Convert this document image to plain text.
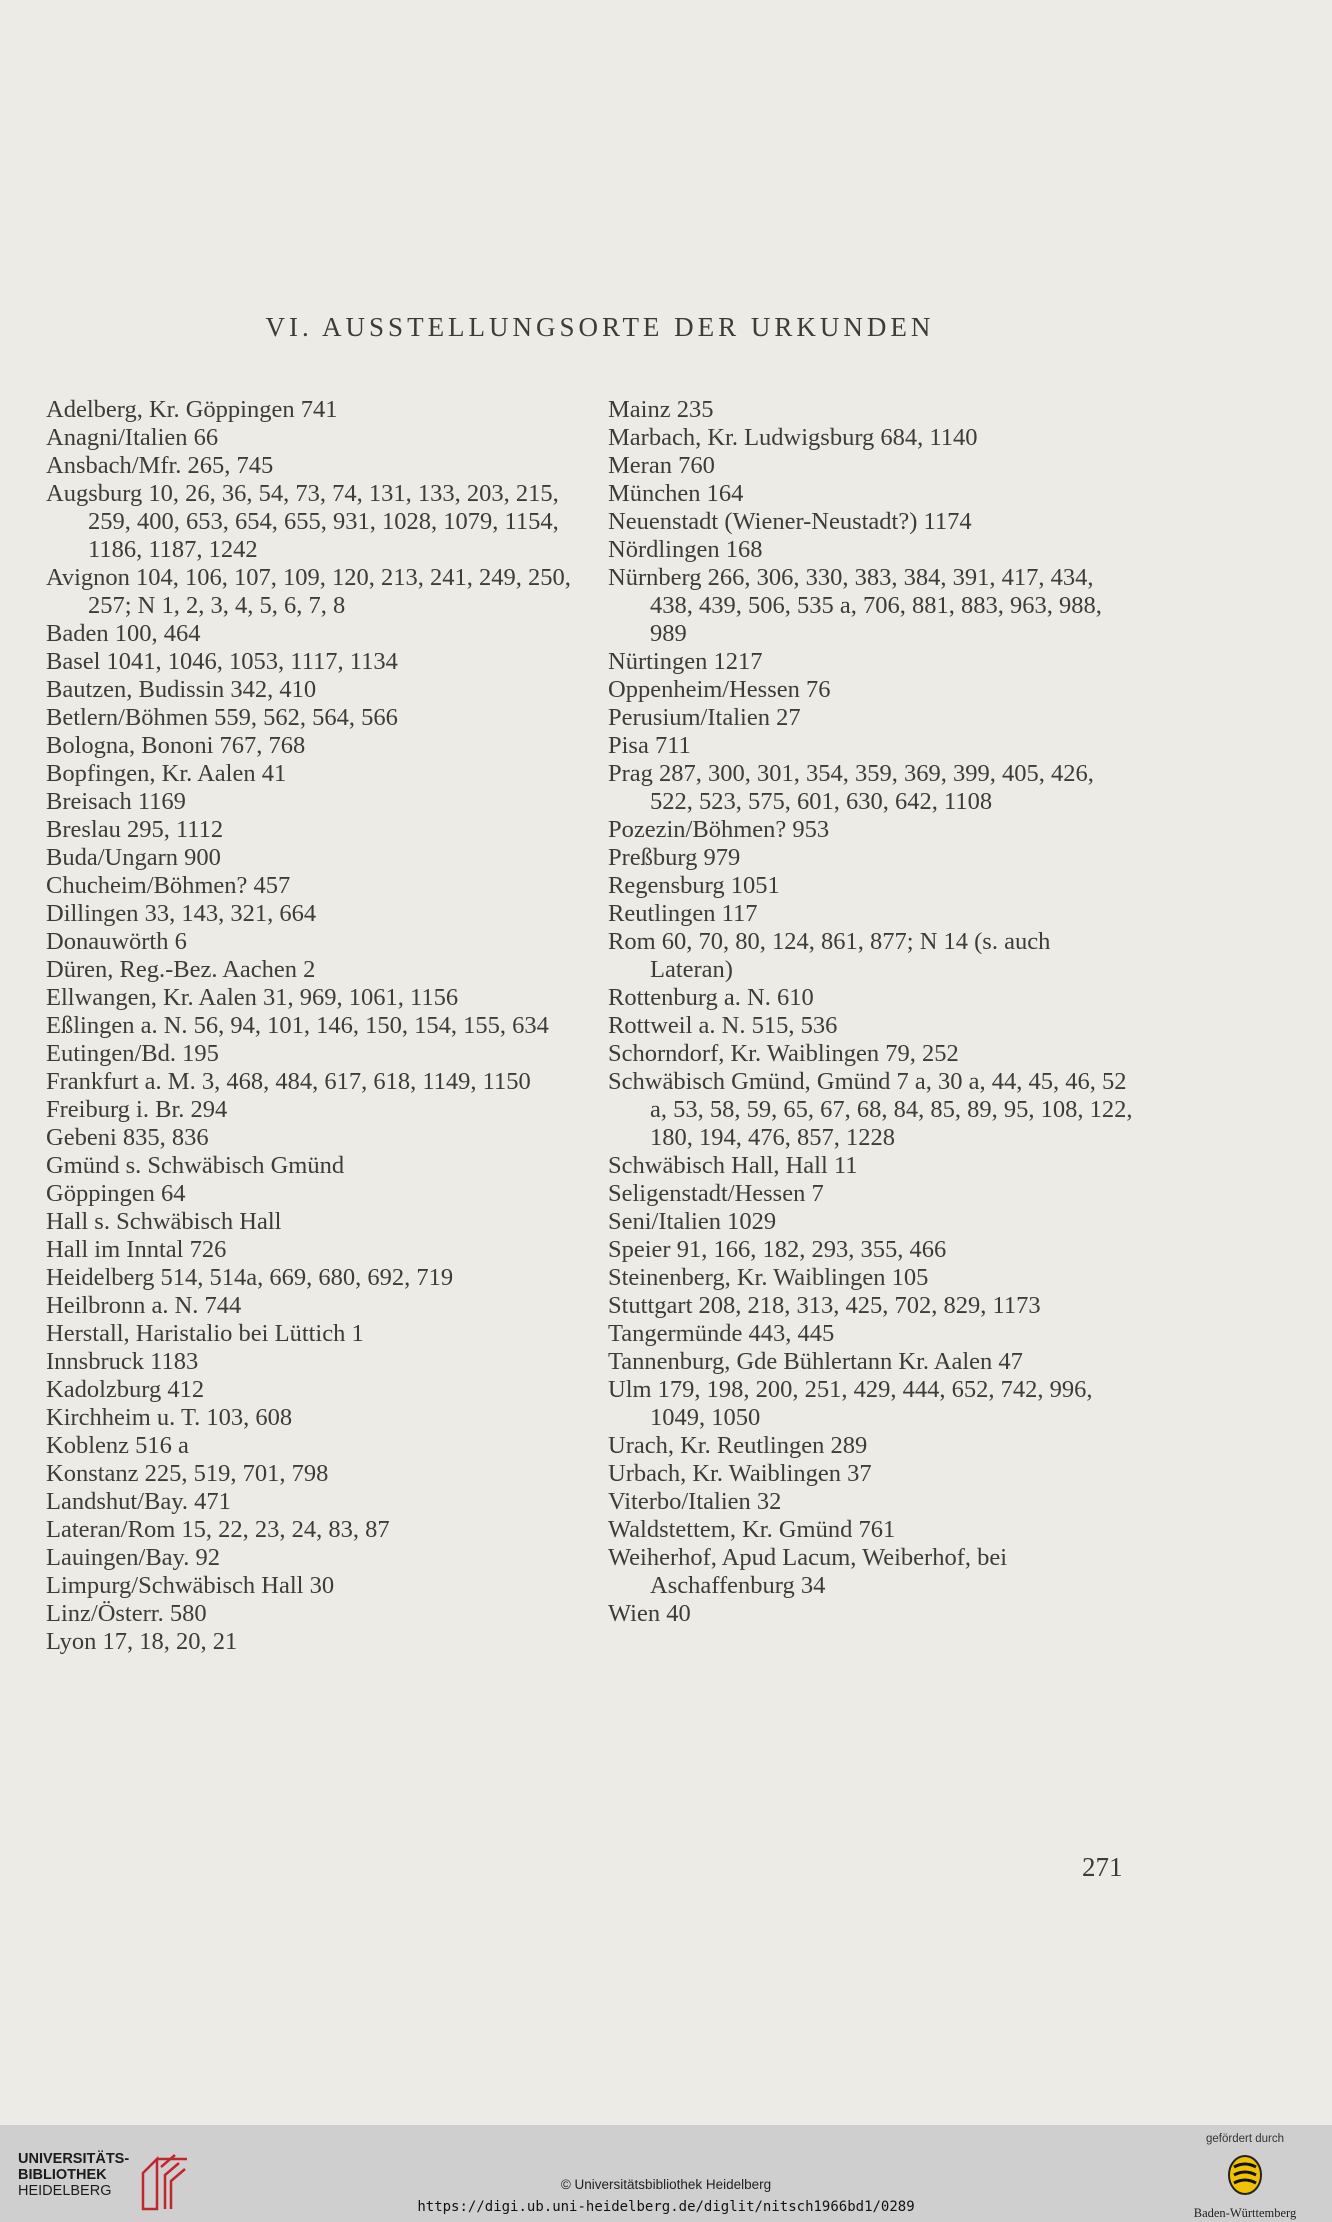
VI. AUSSTELLUNGSORTE DER URKUNDEN

Adelberg, Kr. Göppingen 741

Anagni/Italien 66

Ansbach/Mfr. 265, 745

Augsburg 10, 26, 36, 54, 73, 74, 131, 133, 203, 215, 259, 400, 653, 654, 655, 931, 1028, 1079, 1154, 1186, 1187, 1242

Avignon 104, 106, 107, 109, 120, 213, 241, 249, 250, 257; N 1, 2, 3, 4, 5, 6, 7, 8

Baden 100, 464

Basel 1041, 1046, 1053, 1117, 1134

Bautzen, Budissin 342, 410

Betlern/Böhmen 559, 562, 564, 566

Bologna, Bononi 767, 768

Bopfingen, Kr. Aalen 41

Breisach 1169

Breslau 295, 1112

Buda/Ungarn 900

Chucheim/Böhmen? 457

Dillingen 33, 143, 321, 664

Donauwörth 6

Düren, Reg.-Bez. Aachen 2

Ellwangen, Kr. Aalen 31, 969, 1061, 1156

Eßlingen a. N. 56, 94, 101, 146, 150, 154, 155, 634

Eutingen/Bd. 195

Frankfurt a. M. 3, 468, 484, 617, 618, 1149, 1150

Freiburg i. Br. 294

Gebeni 835, 836

Gmünd s. Schwäbisch Gmünd

Göppingen 64

Hall s. Schwäbisch Hall

Hall im Inntal 726

Heidelberg 514, 514a, 669, 680, 692, 719

Heilbronn a. N. 744

Herstall, Haristalio bei Lüttich 1

Innsbruck 1183

Kadolzburg 412

Kirchheim u. T. 103, 608

Koblenz 516 a

Konstanz 225, 519, 701, 798

Landshut/Bay. 471

Lateran/Rom 15, 22, 23, 24, 83, 87

Lauingen/Bay. 92

Limpurg/Schwäbisch Hall 30

Linz/Österr. 580

Lyon 17, 18, 20, 21

Mainz 235

Marbach, Kr. Ludwigsburg 684, 1140

Meran 760

München 164

Neuenstadt (Wiener-Neustadt?) 1174

Nördlingen 168

Nürnberg 266, 306, 330, 383, 384, 391, 417, 434, 438, 439, 506, 535 a, 706, 881, 883, 963, 988, 989

Nürtingen 1217

Oppenheim/Hessen 76

Perusium/Italien 27

Pisa 711

Prag 287, 300, 301, 354, 359, 369, 399, 405, 426, 522, 523, 575, 601, 630, 642, 1108

Pozezin/Böhmen? 953

Preßburg 979

Regensburg 1051

Reutlingen 117

Rom 60, 70, 80, 124, 861, 877; N 14 (s. auch Lateran)

Rottenburg a. N. 610

Rottweil a. N. 515, 536

Schorndorf, Kr. Waiblingen 79, 252

Schwäbisch Gmünd, Gmünd 7 a, 30 a, 44, 45, 46, 52 a, 53, 58, 59, 65, 67, 68, 84, 85, 89, 95, 108, 122, 180, 194, 476, 857, 1228

Schwäbisch Hall, Hall 11

Seligenstadt/Hessen 7

Seni/Italien 1029

Speier 91, 166, 182, 293, 355, 466

Steinenberg, Kr. Waiblingen 105

Stuttgart 208, 218, 313, 425, 702, 829, 1173

Tangermünde 443, 445

Tannenburg, Gde Bühlertann Kr. Aalen 47

Ulm 179, 198, 200, 251, 429, 444, 652, 742, 996, 1049, 1050

Urach, Kr. Reutlingen 289

Urbach, Kr. Waiblingen 37

Viterbo/Italien 32

Waldstettem, Kr. Gmünd 761

Weiherhof, Apud Lacum, Weiberhof, bei Aschaffenburg 34

Wien 40

271
UNIVERSITÄTS-
BIBLIOTHEK
HEIDELBERG	© Universitätsbibliothek Heidelberg
https://digi.ub.uni-heidelberg.de/diglit/nitsch1966bd1/0289
gefördert durch
Baden-Württemberg
